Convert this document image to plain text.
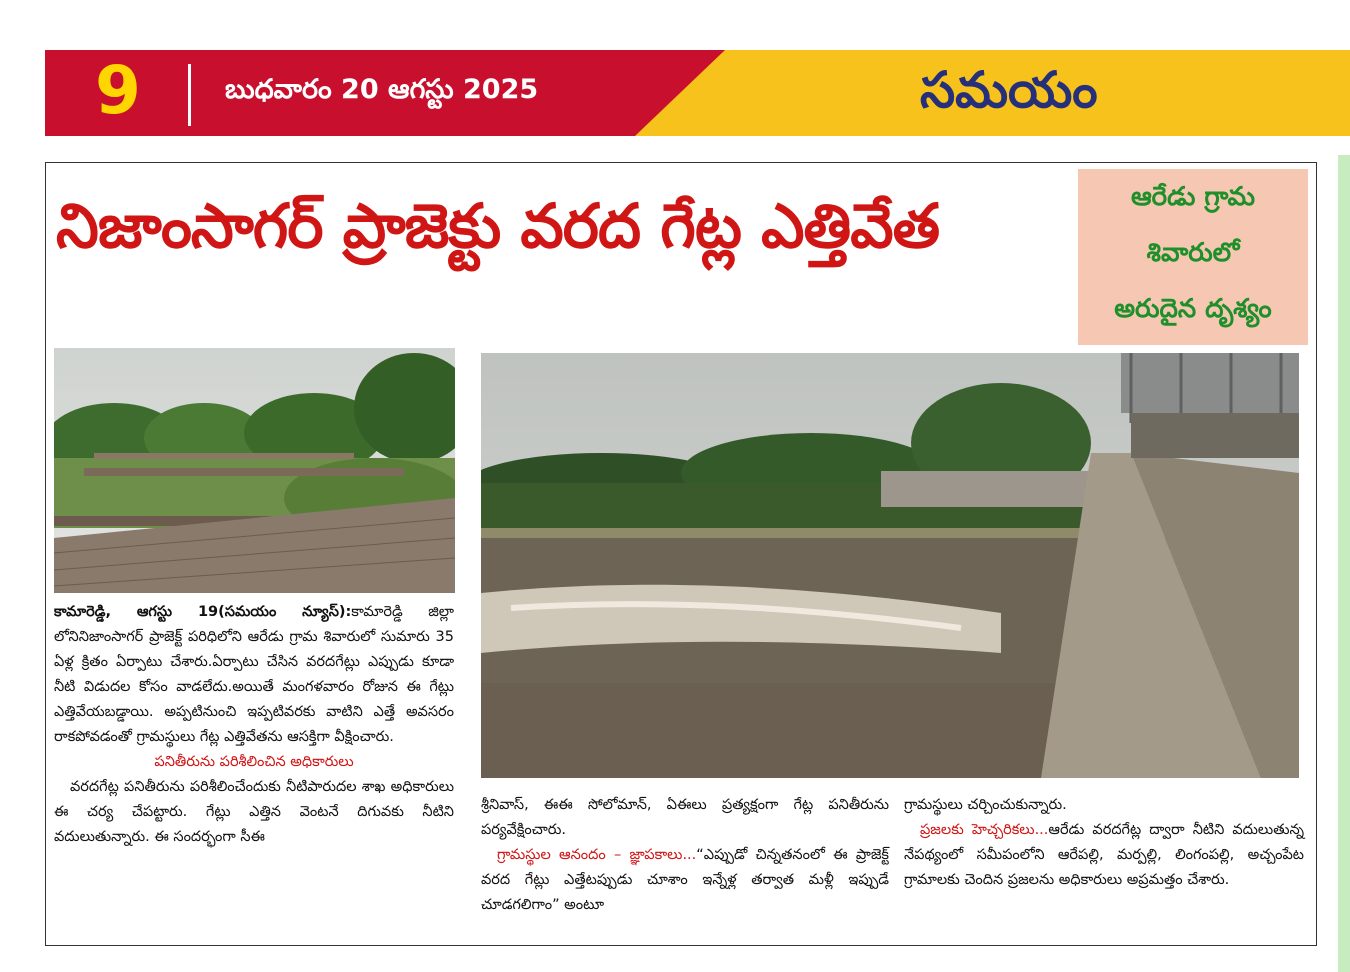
9	బుధవారం 20 ఆగస్టు 2025	సమయం
నిజాంసాగర్ ప్రాజెక్టు వరద గేట్ల ఎత్తివేత	ఆరేడు గ్రామ
శివారులో
అరుదైన దృశ్యం

కామారెడ్డి, ఆగస్టు 19(సమయం న్యూస్):కామారెడ్డి జిల్లా లోనినిజాంసాగర్ ప్రాజెక్ట్ పరిధిలోని ఆరేడు గ్రామ శివారులో సుమారు 35 ఏళ్ల క్రితం ఏర్పాటు చేశారు.ఏర్పాటు చేసిన వరదగేట్లు ఎప్పుడు కూడా నీటి విడుదల కోసం వాడలేదు.అయితే మంగళవారం రోజున ఈ గేట్లు ఎత్తివేయబడ్డాయి. అప్పటినుంచి ఇప్పటివరకు వాటిని ఎత్తే అవసరం రాకపోవడంతో గ్రామస్థులు గేట్ల ఎత్తివేతను ఆసక్తిగా వీక్షించారు.

పనితీరును పరిశీలించిన అధికారులు

వరదగేట్ల పనితీరును పరిశీలించేందుకు నీటిపారుదల శాఖ అధికారులు ఈ చర్య చేపట్టారు. గేట్లు ఎత్తిన వెంటనే దిగువకు నీటిని వదులుతున్నారు. ఈ సందర్భంగా సీఈ

శ్రీనివాస్, ఈఈ సోలోమాన్, ఏఈలు ప్రత్యక్షంగా గేట్ల పనితీరును పర్యవేక్షించారు.

గ్రామస్థుల ఆనందం – జ్ఞాపకాలు...“ఎప్పుడో చిన్నతనంలో ఈ ప్రాజెక్ట్ వరద గేట్లు ఎత్తేటప్పుడు చూశాం ఇన్నేళ్ల తర్వాత మళ్లీ ఇప్పుడే చూడగలిగాం” అంటూ

గ్రామస్థులు చర్చించుకున్నారు.

ప్రజలకు హెచ్చరికలు...ఆరేడు వరదగేట్ల ద్వారా నీటిని వదులుతున్న నేపథ్యంలో సమీపంలోని ఆరేపల్లి, మర్పల్లి, లింగంపల్లి, అచ్చంపేట గ్రామాలకు చెందిన ప్రజలను అధికారులు అప్రమత్తం చేశారు.
